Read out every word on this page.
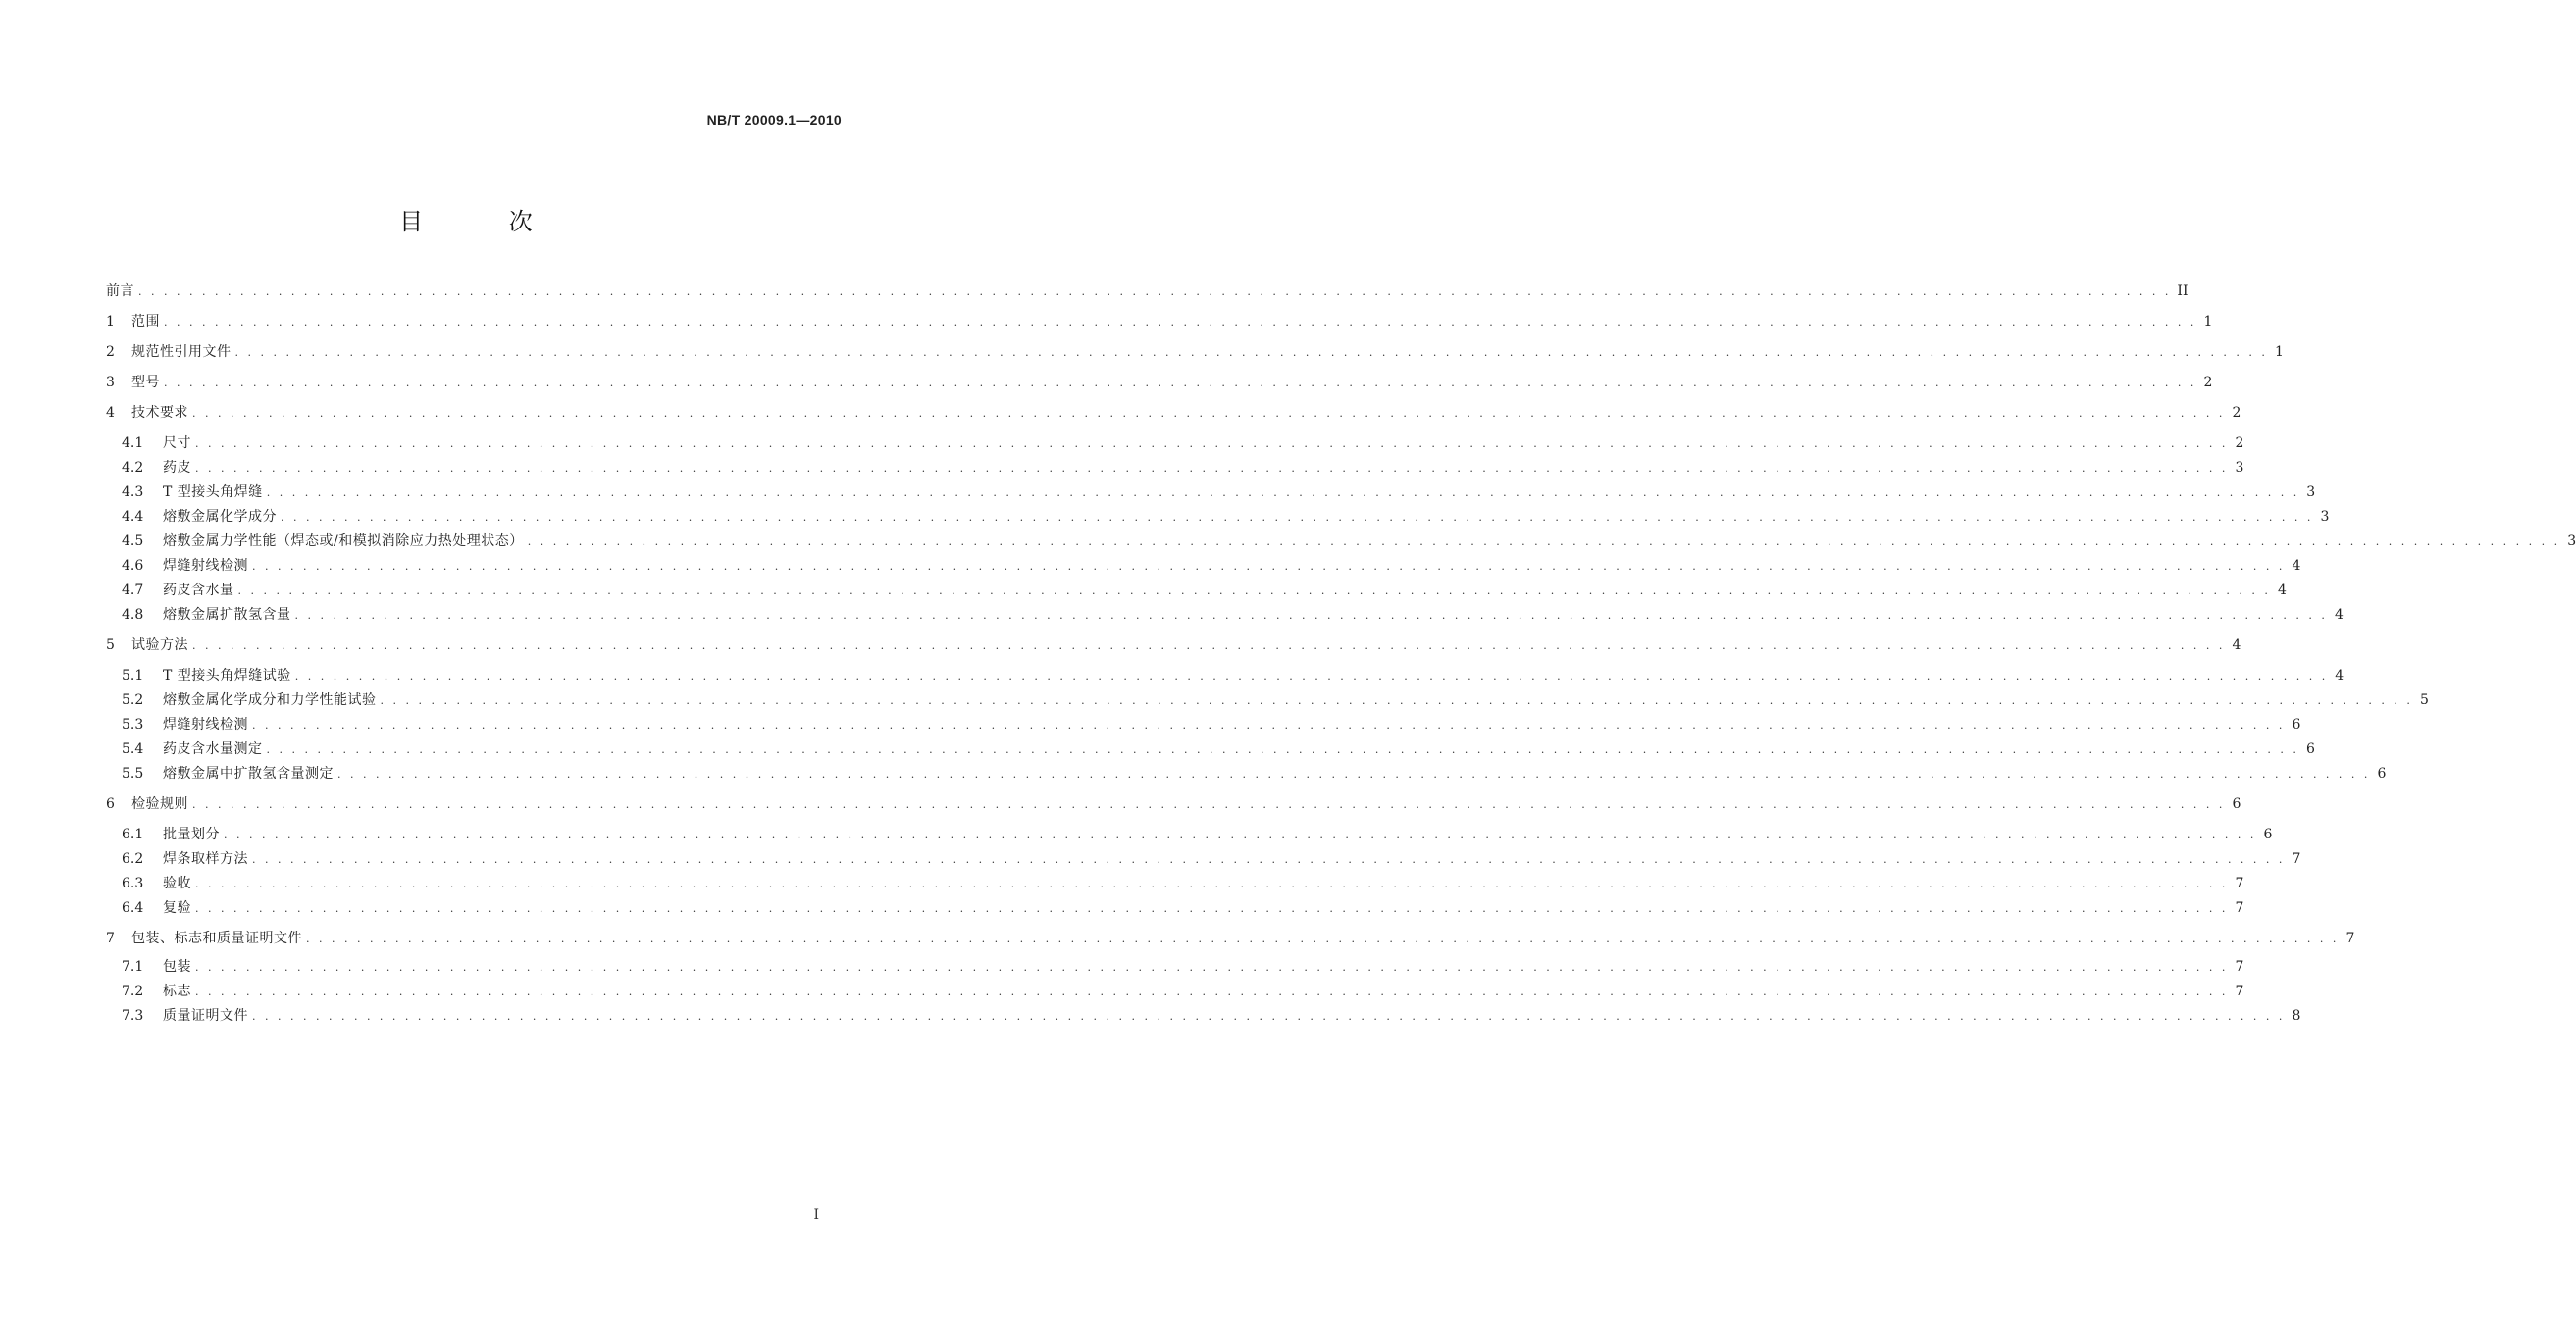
NB/T 20009.1—2010
目 次
前言 . . . . . . . . . . . . . . . . . . . . . . . . . . . . . . . . . . . . . . . . . . . . . . . . . . . . . . . . . . . . . . . . . . . . . . . . . . . . . . . . . . . . . . . . . . . . . . . . . . . . . . . . . . . . . . . . . . . . . . . . . . . . . . . . . . . . . . . . . . . . . . . . . . . . . . . . . . . . . . . . II
1	范围 . . . . . . . . . . . . . . . . . . . . . . . . . . . . . . . . . . . . . . . . . . . . . . . . . . . . . . . . . . . . . . . . . . . . . . . . . . . . . . . . . . . . . . . . . . . . . . . . . . . . . . . . . . . . . . . . . . . . . . . . . . . . . . . . . . . . . . . . . . . . . . . . . . . . . . . . . . . . . . . . 1
2	规范性引用文件 . . . . . . . . . . . . . . . . . . . . . . . . . . . . . . . . . . . . . . . . . . . . . . . . . . . . . . . . . . . . . . . . . . . . . . . . . . . . . . . . . . . . . . . . . . . . . . . . . . . . . . . . . . . . . . . . . . . . . . . . . . . . . . . . . . . . . . . . . . . . . . . . . . . . . . . . . . . . . . . . 1
3	型号 . . . . . . . . . . . . . . . . . . . . . . . . . . . . . . . . . . . . . . . . . . . . . . . . . . . . . . . . . . . . . . . . . . . . . . . . . . . . . . . . . . . . . . . . . . . . . . . . . . . . . . . . . . . . . . . . . . . . . . . . . . . . . . . . . . . . . . . . . . . . . . . . . . . . . . . . . . . . . . . . 2
4	技术要求 . . . . . . . . . . . . . . . . . . . . . . . . . . . . . . . . . . . . . . . . . . . . . . . . . . . . . . . . . . . . . . . . . . . . . . . . . . . . . . . . . . . . . . . . . . . . . . . . . . . . . . . . . . . . . . . . . . . . . . . . . . . . . . . . . . . . . . . . . . . . . . . . . . . . . . . . . . . . . . . . 2
4.1	尺寸 . . . . . . . . . . . . . . . . . . . . . . . . . . . . . . . . . . . . . . . . . . . . . . . . . . . . . . . . . . . . . . . . . . . . . . . . . . . . . . . . . . . . . . . . . . . . . . . . . . . . . . . . . . . . . . . . . . . . . . . . . . . . . . . . . . . . . . . . . . . . . . . . . . . . . . . . . . . . . . . . 2
4.2	药皮 . . . . . . . . . . . . . . . . . . . . . . . . . . . . . . . . . . . . . . . . . . . . . . . . . . . . . . . . . . . . . . . . . . . . . . . . . . . . . . . . . . . . . . . . . . . . . . . . . . . . . . . . . . . . . . . . . . . . . . . . . . . . . . . . . . . . . . . . . . . . . . . . . . . . . . . . . . . . . . . . 3
4.3	T 型接头角焊缝 . . . . . . . . . . . . . . . . . . . . . . . . . . . . . . . . . . . . . . . . . . . . . . . . . . . . . . . . . . . . . . . . . . . . . . . . . . . . . . . . . . . . . . . . . . . . . . . . . . . . . . . . . . . . . . . . . . . . . . . . . . . . . . . . . . . . . . . . . . . . . . . . . . . . . . . . . . . . . . . . 3
4.4	熔敷金属化学成分 . . . . . . . . . . . . . . . . . . . . . . . . . . . . . . . . . . . . . . . . . . . . . . . . . . . . . . . . . . . . . . . . . . . . . . . . . . . . . . . . . . . . . . . . . . . . . . . . . . . . . . . . . . . . . . . . . . . . . . . . . . . . . . . . . . . . . . . . . . . . . . . . . . . . . . . . . . . . . . . . 3
4.5	熔敷金属力学性能（焊态或/和模拟消除应力热处理状态） . . . . . . . . . . . . . . . . . . . . . . . . . . . . . . . . . . . . . . . . . . . . . . . . . . . . . . . . . . . . . . . . . . . . . . . . . . . . . . . . . . . . . . . . . . . . . . . . . . . . . . . . . . . . . . . . . . . . . . . . . . . . . . . . . . . . . . . . . . . . . . . . . . . . . . . . . . . . . . . . 3
4.6	焊缝射线检测 . . . . . . . . . . . . . . . . . . . . . . . . . . . . . . . . . . . . . . . . . . . . . . . . . . . . . . . . . . . . . . . . . . . . . . . . . . . . . . . . . . . . . . . . . . . . . . . . . . . . . . . . . . . . . . . . . . . . . . . . . . . . . . . . . . . . . . . . . . . . . . . . . . . . . . . . . . . . . . . . 4
4.7	药皮含水量 . . . . . . . . . . . . . . . . . . . . . . . . . . . . . . . . . . . . . . . . . . . . . . . . . . . . . . . . . . . . . . . . . . . . . . . . . . . . . . . . . . . . . . . . . . . . . . . . . . . . . . . . . . . . . . . . . . . . . . . . . . . . . . . . . . . . . . . . . . . . . . . . . . . . . . . . . . . . . . . . 4
4.8	熔敷金属扩散氢含量 . . . . . . . . . . . . . . . . . . . . . . . . . . . . . . . . . . . . . . . . . . . . . . . . . . . . . . . . . . . . . . . . . . . . . . . . . . . . . . . . . . . . . . . . . . . . . . . . . . . . . . . . . . . . . . . . . . . . . . . . . . . . . . . . . . . . . . . . . . . . . . . . . . . . . . . . . . . . . . . . 4
5	试验方法 . . . . . . . . . . . . . . . . . . . . . . . . . . . . . . . . . . . . . . . . . . . . . . . . . . . . . . . . . . . . . . . . . . . . . . . . . . . . . . . . . . . . . . . . . . . . . . . . . . . . . . . . . . . . . . . . . . . . . . . . . . . . . . . . . . . . . . . . . . . . . . . . . . . . . . . . . . . . . . . . 4
5.1	T 型接头角焊缝试验 . . . . . . . . . . . . . . . . . . . . . . . . . . . . . . . . . . . . . . . . . . . . . . . . . . . . . . . . . . . . . . . . . . . . . . . . . . . . . . . . . . . . . . . . . . . . . . . . . . . . . . . . . . . . . . . . . . . . . . . . . . . . . . . . . . . . . . . . . . . . . . . . . . . . . . . . . . . . . . . . 4
5.2	熔敷金属化学成分和力学性能试验 . . . . . . . . . . . . . . . . . . . . . . . . . . . . . . . . . . . . . . . . . . . . . . . . . . . . . . . . . . . . . . . . . . . . . . . . . . . . . . . . . . . . . . . . . . . . . . . . . . . . . . . . . . . . . . . . . . . . . . . . . . . . . . . . . . . . . . . . . . . . . . . . . . . . . . . . . . . . . . . . 5
5.3	焊缝射线检测 . . . . . . . . . . . . . . . . . . . . . . . . . . . . . . . . . . . . . . . . . . . . . . . . . . . . . . . . . . . . . . . . . . . . . . . . . . . . . . . . . . . . . . . . . . . . . . . . . . . . . . . . . . . . . . . . . . . . . . . . . . . . . . . . . . . . . . . . . . . . . . . . . . . . . . . . . . . . . . . . 6
5.4	药皮含水量测定 . . . . . . . . . . . . . . . . . . . . . . . . . . . . . . . . . . . . . . . . . . . . . . . . . . . . . . . . . . . . . . . . . . . . . . . . . . . . . . . . . . . . . . . . . . . . . . . . . . . . . . . . . . . . . . . . . . . . . . . . . . . . . . . . . . . . . . . . . . . . . . . . . . . . . . . . . . . . . . . . 6
5.5	熔敷金属中扩散氢含量测定 . . . . . . . . . . . . . . . . . . . . . . . . . . . . . . . . . . . . . . . . . . . . . . . . . . . . . . . . . . . . . . . . . . . . . . . . . . . . . . . . . . . . . . . . . . . . . . . . . . . . . . . . . . . . . . . . . . . . . . . . . . . . . . . . . . . . . . . . . . . . . . . . . . . . . . . . . . . . . . . . 6
6	检验规则 . . . . . . . . . . . . . . . . . . . . . . . . . . . . . . . . . . . . . . . . . . . . . . . . . . . . . . . . . . . . . . . . . . . . . . . . . . . . . . . . . . . . . . . . . . . . . . . . . . . . . . . . . . . . . . . . . . . . . . . . . . . . . . . . . . . . . . . . . . . . . . . . . . . . . . . . . . . . . . . . 6
6.1	批量划分 . . . . . . . . . . . . . . . . . . . . . . . . . . . . . . . . . . . . . . . . . . . . . . . . . . . . . . . . . . . . . . . . . . . . . . . . . . . . . . . . . . . . . . . . . . . . . . . . . . . . . . . . . . . . . . . . . . . . . . . . . . . . . . . . . . . . . . . . . . . . . . . . . . . . . . . . . . . . . . . . 6
6.2	焊条取样方法 . . . . . . . . . . . . . . . . . . . . . . . . . . . . . . . . . . . . . . . . . . . . . . . . . . . . . . . . . . . . . . . . . . . . . . . . . . . . . . . . . . . . . . . . . . . . . . . . . . . . . . . . . . . . . . . . . . . . . . . . . . . . . . . . . . . . . . . . . . . . . . . . . . . . . . . . . . . . . . . . 7
6.3	验收 . . . . . . . . . . . . . . . . . . . . . . . . . . . . . . . . . . . . . . . . . . . . . . . . . . . . . . . . . . . . . . . . . . . . . . . . . . . . . . . . . . . . . . . . . . . . . . . . . . . . . . . . . . . . . . . . . . . . . . . . . . . . . . . . . . . . . . . . . . . . . . . . . . . . . . . . . . . . . . . . 7
6.4	复验 . . . . . . . . . . . . . . . . . . . . . . . . . . . . . . . . . . . . . . . . . . . . . . . . . . . . . . . . . . . . . . . . . . . . . . . . . . . . . . . . . . . . . . . . . . . . . . . . . . . . . . . . . . . . . . . . . . . . . . . . . . . . . . . . . . . . . . . . . . . . . . . . . . . . . . . . . . . . . . . . 7
7	包装、标志和质量证明文件 . . . . . . . . . . . . . . . . . . . . . . . . . . . . . . . . . . . . . . . . . . . . . . . . . . . . . . . . . . . . . . . . . . . . . . . . . . . . . . . . . . . . . . . . . . . . . . . . . . . . . . . . . . . . . . . . . . . . . . . . . . . . . . . . . . . . . . . . . . . . . . . . . . . . . . . . . . . . . . . . 7
7.1	包装 . . . . . . . . . . . . . . . . . . . . . . . . . . . . . . . . . . . . . . . . . . . . . . . . . . . . . . . . . . . . . . . . . . . . . . . . . . . . . . . . . . . . . . . . . . . . . . . . . . . . . . . . . . . . . . . . . . . . . . . . . . . . . . . . . . . . . . . . . . . . . . . . . . . . . . . . . . . . . . . . 7
7.2	标志 . . . . . . . . . . . . . . . . . . . . . . . . . . . . . . . . . . . . . . . . . . . . . . . . . . . . . . . . . . . . . . . . . . . . . . . . . . . . . . . . . . . . . . . . . . . . . . . . . . . . . . . . . . . . . . . . . . . . . . . . . . . . . . . . . . . . . . . . . . . . . . . . . . . . . . . . . . . . . . . . 7
7.3	质量证明文件 . . . . . . . . . . . . . . . . . . . . . . . . . . . . . . . . . . . . . . . . . . . . . . . . . . . . . . . . . . . . . . . . . . . . . . . . . . . . . . . . . . . . . . . . . . . . . . . . . . . . . . . . . . . . . . . . . . . . . . . . . . . . . . . . . . . . . . . . . . . . . . . . . . . . . . . . . . . . . . . . 8
I
